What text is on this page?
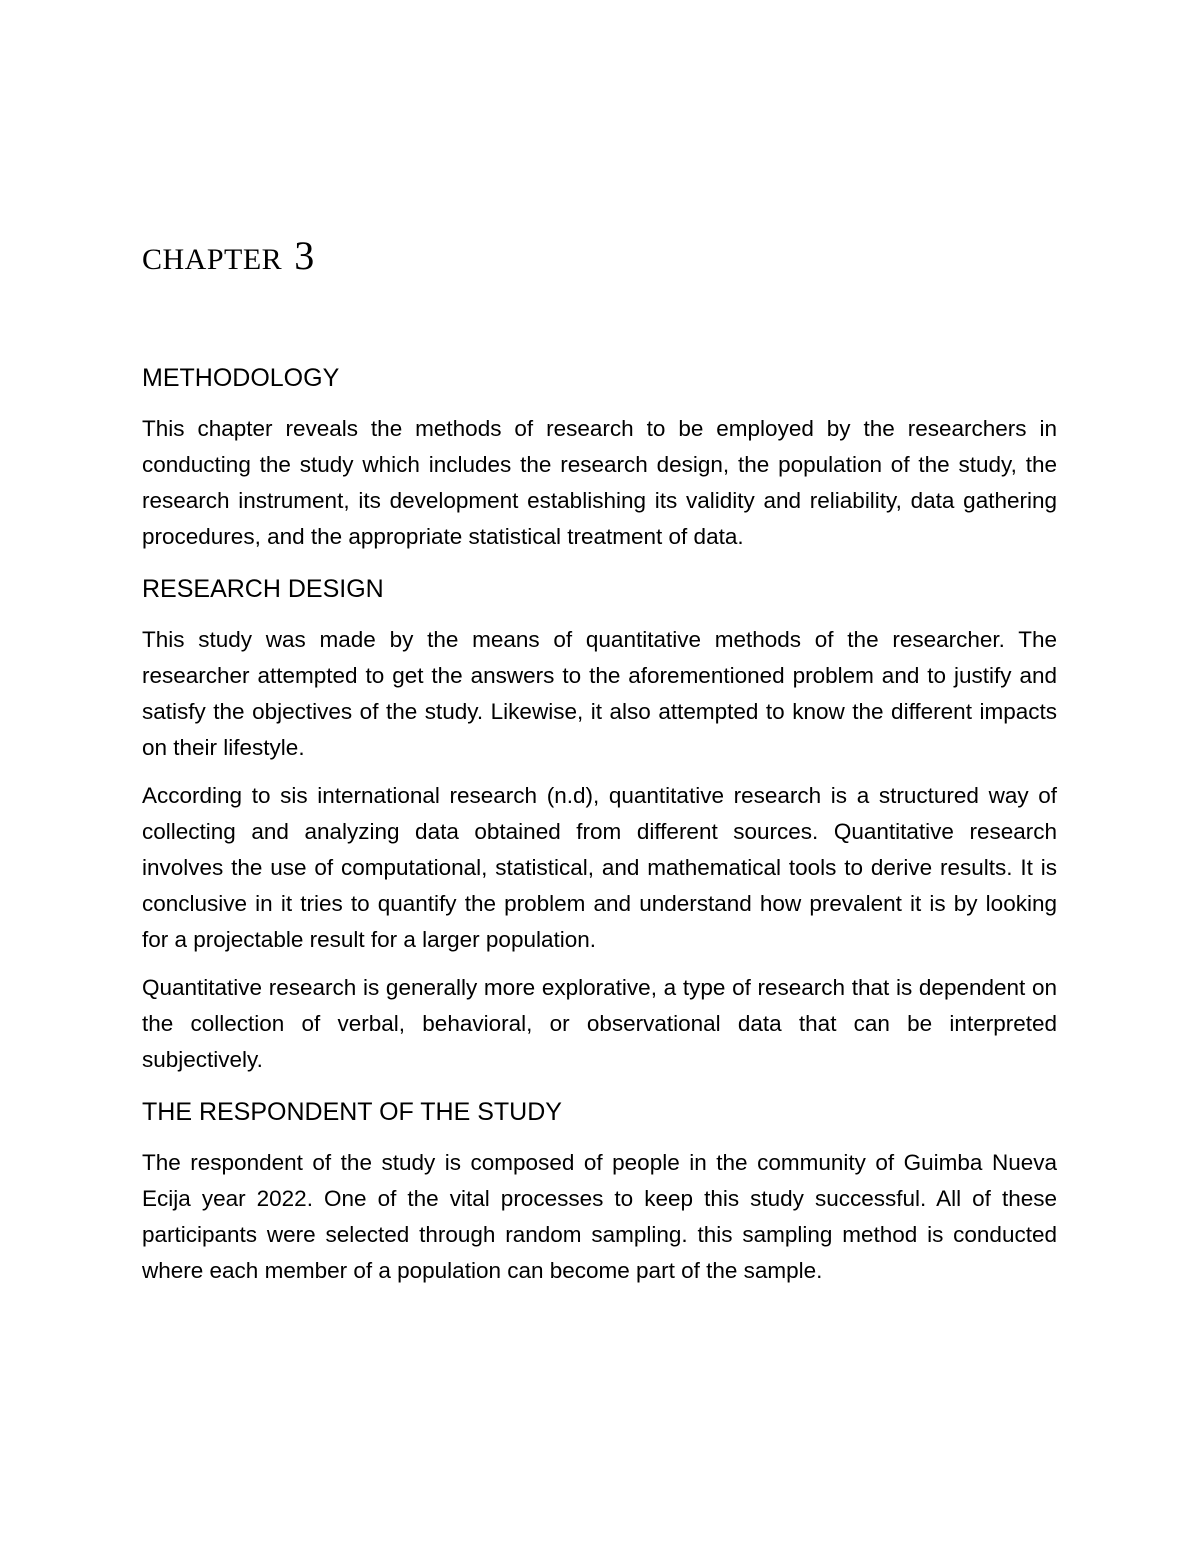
CHAPTER 3
METHODOLOGY

This chapter reveals the methods of research to be employed by the researchers in conducting the study which includes the research design, the population of the study, the research instrument, its development establishing its validity and reliability, data gathering procedures, and the appropriate statistical treatment of data.

RESEARCH DESIGN

This study was made by the means of quantitative methods of the researcher. The researcher attempted to get the answers to the aforementioned problem and to justify and satisfy the objectives of the study. Likewise, it also attempted to know the different impacts on their lifestyle.

According to sis international research (n.d), quantitative research is a structured way of collecting and analyzing data obtained from different sources. Quantitative research involves the use of computational, statistical, and mathematical tools to derive results. It is conclusive in it tries to quantify the problem and understand how prevalent it is by looking for a projectable result for a larger population.

Quantitative research is generally more explorative, a type of research that is dependent on the collection of verbal, behavioral, or observational data that can be interpreted subjectively.

THE RESPONDENT OF THE STUDY

The respondent of the study is composed of people in the community of Guimba Nueva Ecija year 2022. One of the vital processes to keep this study successful. All of these participants were selected through random sampling. this sampling method is conducted where each member of a population can become part of the sample.
